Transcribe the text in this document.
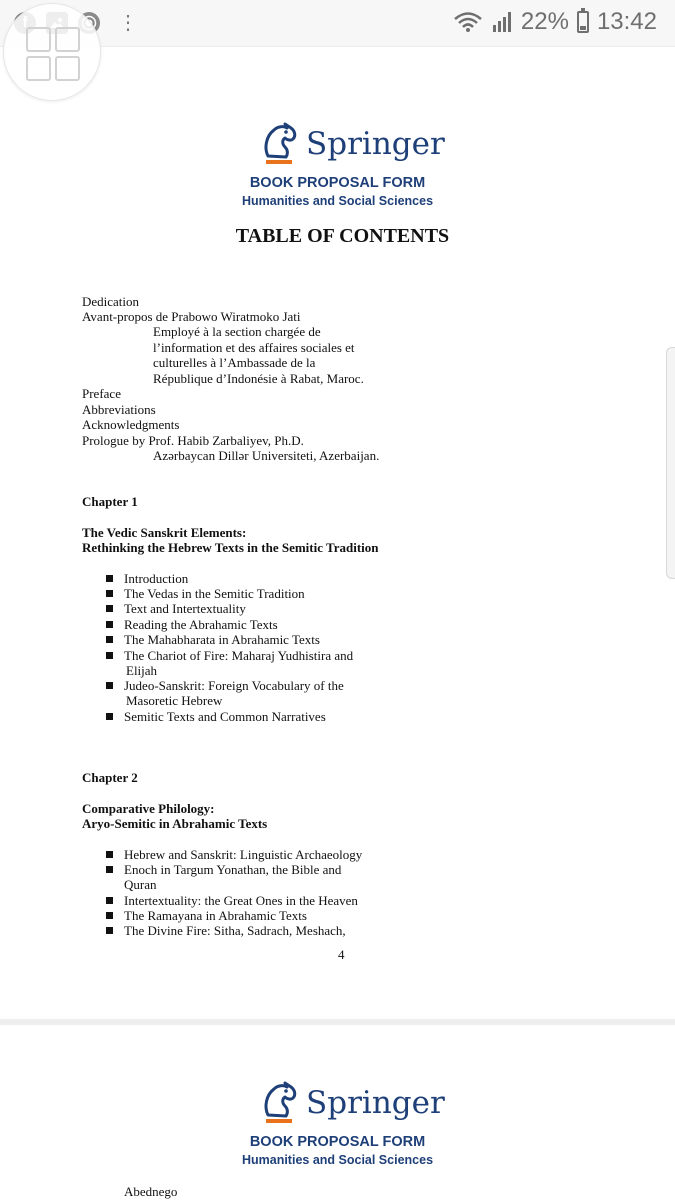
⋮	22% 13:42
Springer
BOOK PROPOSAL FORM
Humanities and Social Sciences
TABLE OF CONTENTS
Dedication
Avant-propos de Prabowo Wiratmoko Jati
Employé à la section chargée de
l’information et des affaires sociales et
culturelles à l’Ambassade de la
République d’Indonésie à Rabat, Maroc.
Preface
Abbreviations
Acknowledgments
Prologue by Prof. Habib Zarbaliyev, Ph.D.
Azərbaycan Dillər Universiteti, Azerbaijan.
Chapter 1
The Vedic Sanskrit Elements:
Rethinking the Hebrew Texts in the Semitic Tradition
Introduction
The Vedas in the Semitic Tradition
Text and Intertextuality
Reading the Abrahamic Texts
The Mahabharata in Abrahamic Texts
The Chariot of Fire: Maharaj Yudhistira and
Elijah
Judeo-Sanskrit: Foreign Vocabulary of the
Masoretic Hebrew
Semitic Texts and Common Narratives
Chapter 2
Comparative Philology:
Aryo-Semitic in Abrahamic Texts
Hebrew and Sanskrit: Linguistic Archaeology
Enoch in Targum Yonathan, the Bible and
Quran
Intertextuality: the Great Ones in the Heaven
The Ramayana in Abrahamic Texts
The Divine Fire: Sitha, Sadrach, Meshach,
4
Springer
BOOK PROPOSAL FORM
Humanities and Social Sciences
Abednego
